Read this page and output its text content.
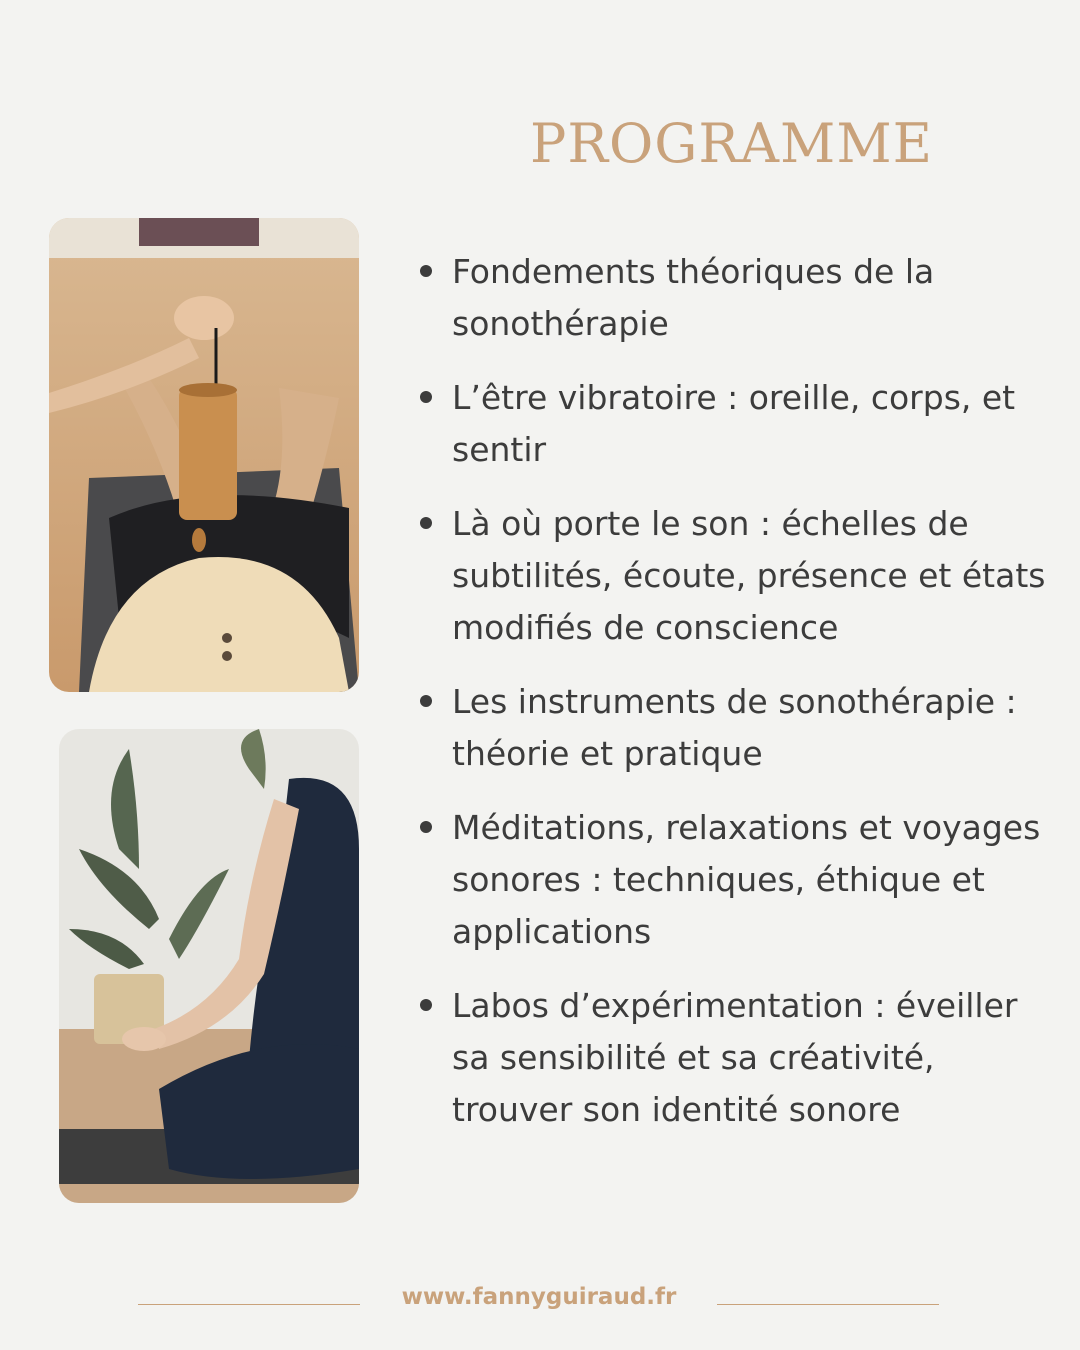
PROGRAMME
Fondements théoriques de la sonothérapie
L’être vibratoire : oreille, corps, et sentir
Là où porte le son : échelles de subtilités, écoute, présence et états modifiés de conscience
Les instruments de sonothérapie : théorie et pratique
Méditations, relaxations et voyages sonores : techniques, éthique et applications
Labos d’expérimentation : éveiller sa sensibilité et sa créativité, trouver son identité sonore
www.fannyguiraud.fr
